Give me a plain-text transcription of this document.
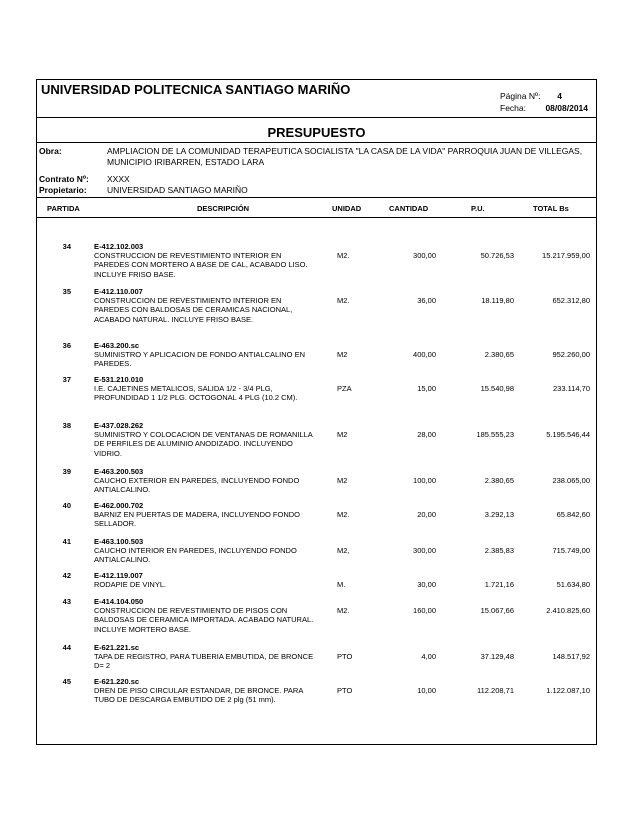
UNIVERSIDAD POLITECNICA SANTIAGO MARIÑO	Página Nº: 4
Fecha: 08/08/2014
PRESUPUESTO
Obra:	AMPLIACION DE LA COMUNIDAD TERAPEUTICA SOCIALISTA "LA CASA DE LA VIDA" PARROQUIA JUAN DE VILLEGAS, MUNICIPIO IRIBARREN, ESTADO LARA
Contrato Nº: XXXX
Propietario: UNIVERSIDAD SANTIAGO MARIÑO
PARTIDA	DESCRIPCIÓN	UNIDAD	CANTIDAD	P.U.	TOTAL Bs
34	E-412.102.003
CONSTRUCCION DE REVESTIMIENTO INTERIOR EN PAREDES CON MORTERO A BASE DE CAL, ACABADO LISO. INCLUYE FRISO BASE.
M2.	300,00	50.726,53	15.217.959,00
35	E-412.110.007
CONSTRUCCION DE REVESTIMIENTO INTERIOR EN PAREDES CON BALDOSAS DE CERAMICAS NACIONAL, ACABADO NATURAL. INCLUYE FRISO BASE.
M2.	36,00	18.119,80	652.312,80
36	E-463.200.sc
SUMINISTRO Y APLICACION DE FONDO ANTIALCALINO EN PAREDES.
M2	400,00	2.380,65	952.260,00
37	E-531.210.010
I.E. CAJETINES METALICOS, SALIDA 1/2 - 3/4 PLG, PROFUNDIDAD 1 1/2 PLG. OCTOGONAL 4 PLG (10.2 CM).
PZA	15,00	15.540,98	233.114,70
38	E-437.028.262
SUMINISTRO Y COLOCACION DE VENTANAS DE ROMANILLA DE PERFILES DE ALUMINIO ANODIZADO. INCLUYENDO VIDRIO.
M2	28,00	185.555,23	5.195.546,44
39	E-463.200.503
CAUCHO EXTERIOR EN PAREDES, INCLUYENDO FONDO ANTIALCALINO.
M2	100,00	2.380,65	238.065,00
40	E-462.000.702
BARNIZ EN PUERTAS DE MADERA, INCLUYENDO FONDO SELLADOR.
M2.	20,00	3.292,13	65.842,60
41	E-463.100.503
CAUCHO INTERIOR EN PAREDES, INCLUYENDO FONDO ANTIALCALINO.
M2,	300,00	2.385,83	715.749,00
42	E-412.119.007
RODAPIE DE VINYL.	M.	30,00	1.721,16	51.634,80
43	E-414.104.050
CONSTRUCCION DE REVESTIMIENTO DE PISOS CON BALDOSAS DE CERAMICA IMPORTADA. ACABADO NATURAL. INCLUYE MORTERO BASE.
M2.	160,00	15.067,66	2.410.825,60
44	E-621.221.sc
TAPA DE REGISTRO, PARA TUBERIA EMBUTIDA, DE BRONCE D= 2
PTO	4,00	37.129,48	148.517,92
45	E-621.220.sc
DREN DE PISO CIRCULAR ESTANDAR, DE BRONCE. PARA TUBO DE DESCARGA EMBUTIDO DE 2 plg (51 mm).
PTO	10,00	112.208,71	1.122.087,10
